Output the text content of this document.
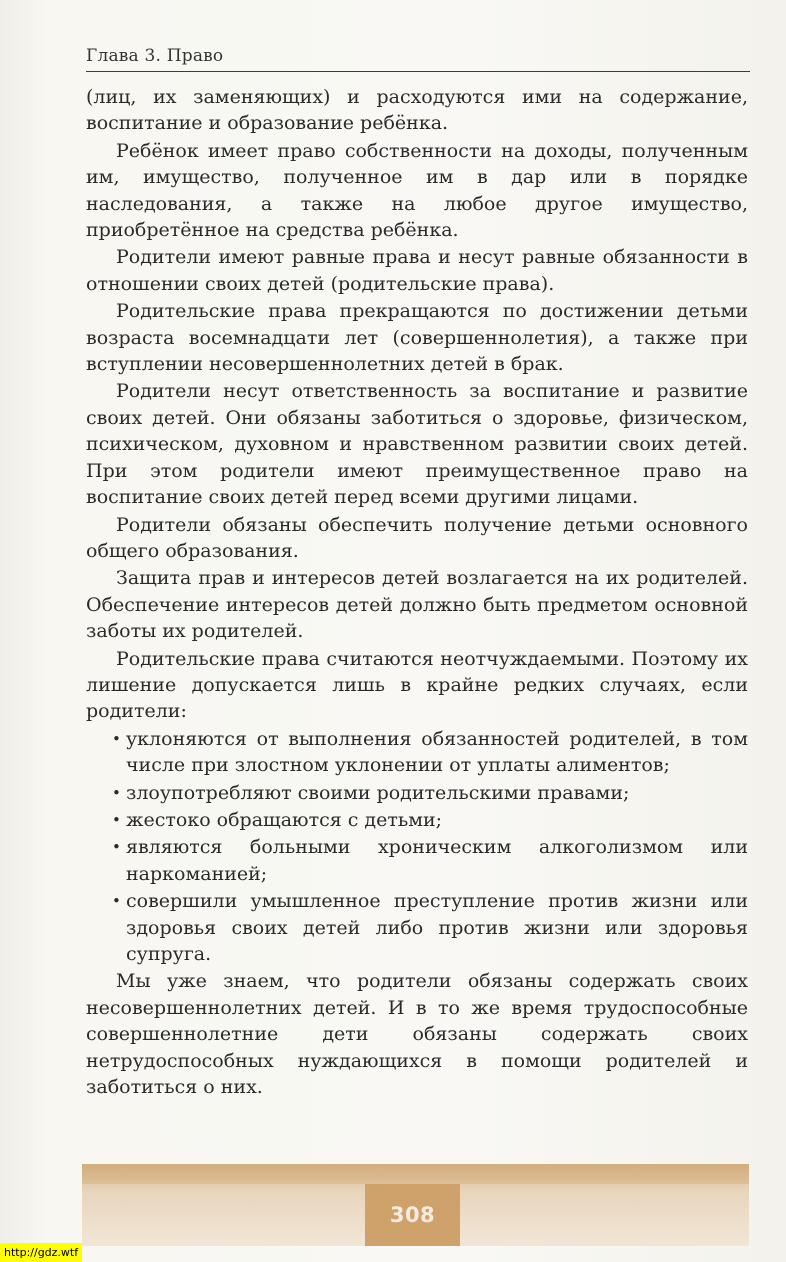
Глава 3. Право

(лиц, их заменяющих) и расходуются ими на содержание, воспитание и образование ребёнка.

Ребёнок имеет право собственности на доходы, полученным им, имущество, полученное им в дар или в порядке наследования, а также на любое другое имущество, приобретённое на средства ребёнка.

Родители имеют равные права и несут равные обязанности в отношении своих детей (родительские права).

Родительские права прекращаются по достижении детьми возраста восемнадцати лет (совершеннолетия), а также при вступлении несовершеннолетних детей в брак.

Родители несут ответственность за воспитание и развитие своих детей. Они обязаны заботиться о здоровье, физическом, психическом, духовном и нравственном развитии своих детей. При этом родители имеют преимущественное право на воспитание своих детей перед всеми другими лицами.

Родители обязаны обеспечить получение детьми основного общего образования.

Защита прав и интересов детей возлагается на их родителей. Обеспечение интересов детей должно быть предметом основной заботы их родителей.

Родительские права считаются неотчуждаемыми. Поэтому их лишение допускается лишь в крайне редких случаях, если родители:

• уклоняются от выполнения обязанностей родителей, в том числе при злостном уклонении от уплаты алиментов;
• злоупотребляют своими родительскими правами;
• жестоко обращаются с детьми;
• являются больными хроническим алкоголизмом или наркоманией;
• совершили умышленное преступление против жизни или здоровья своих детей либо против жизни или здоровья супруга.

Мы уже знаем, что родители обязаны содержать своих несовершеннолетних детей. И в то же время трудоспособные совершеннолетние дети обязаны содержать своих нетрудоспособных нуждающихся в помощи родителей и заботиться о них.

308
http://gdz.wtf
